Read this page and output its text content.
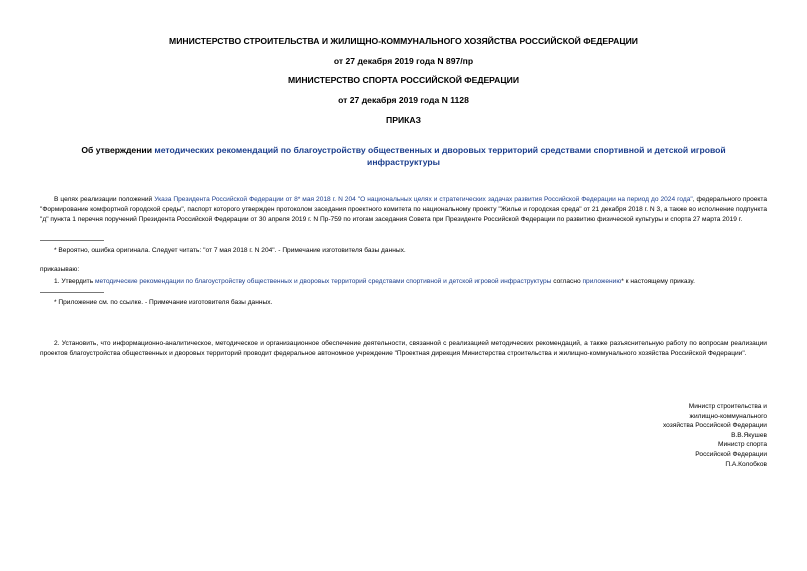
МИНИСТЕРСТВО СТРОИТЕЛЬСТВА И ЖИЛИЩНО-КОММУНАЛЬНОГО ХОЗЯЙСТВА РОССИЙСКОЙ ФЕДЕРАЦИИ
от 27 декабря 2019 года N 897/пр
МИНИСТЕРСТВО СПОРТА РОССИЙСКОЙ ФЕДЕРАЦИИ
от 27 декабря 2019 года N 1128
ПРИКАЗ
Об утверждении методических рекомендаций по благоустройству общественных и дворовых территорий средствами спортивной и детской игровой инфраструктуры
В целях реализации положений Указа Президента Российской Федерации от 8* мая 2018 г. N 204 "О национальных целях и стратегических задачах развития Российской Федерации на период до 2024 года", федерального проекта "Формирование комфортной городской среды", паспорт которого утвержден протоколом заседания проектного комитета по национальному проекту "Жилье и городская среда" от 21 декабря 2018 г. N 3, а также во исполнение подпункта "д" пункта 1 перечня поручений Президента Российской Федерации от 30 апреля 2019 г. N Пр-759 по итогам заседания Совета при Президенте Российской Федерации по развитию физической культуры и спорта 27 марта 2019 г.
* Вероятно, ошибка оригинала. Следует читать: "от 7 мая 2018 г. N 204". - Примечание изготовителя базы данных.
приказываю:
1. Утвердить методические рекомендации по благоустройству общественных и дворовых территорий средствами спортивной и детской игровой инфраструктуры согласно приложению* к настоящему приказу.
* Приложение см. по ссылке. - Примечание изготовителя базы данных.
2. Установить, что информационно-аналитическое, методическое и организационное обеспечение деятельности, связанной с реализацией методических рекомендаций, а также разъяснительную работу по вопросам реализации проектов благоустройства общественных и дворовых территорий проводит федеральное автономное учреждение "Проектная дирекция Министерства строительства и жилищно-коммунального хозяйства Российской Федерации".
Министр строительства и
жилищно-коммунального
хозяйства Российской Федерации
В.В.Якушев
Министр спорта
Российской Федерации
П.А.Колобков
